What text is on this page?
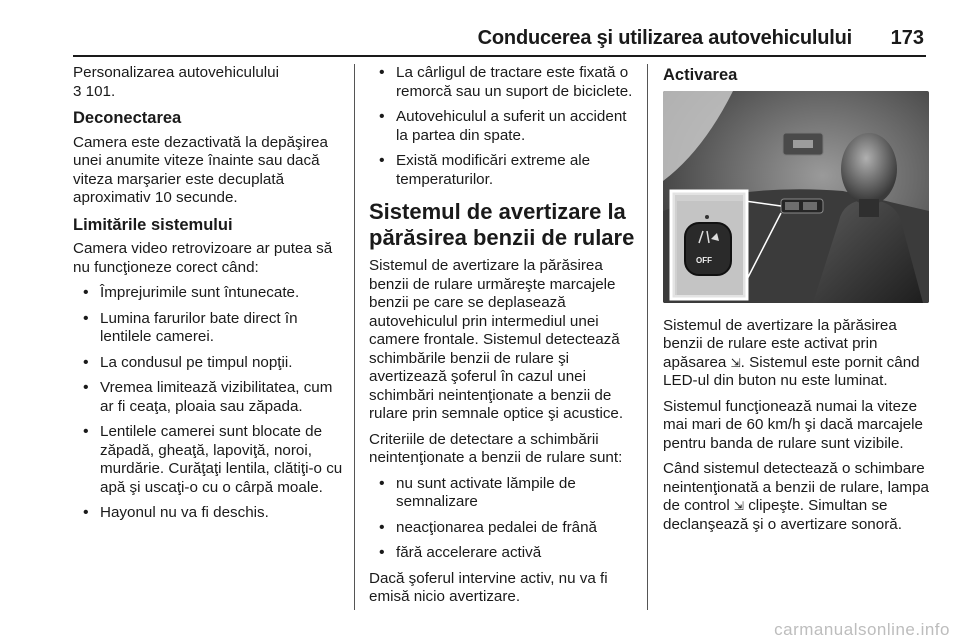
Conducerea şi utilizarea autovehiculului 173

Personalizarea autovehiculului
3 101.

Deconectarea

Camera este dezactivată la depăşirea unei anumite viteze înainte sau dacă viteza marşarier este decuplată aproximativ 10 secunde.

Limitările sistemului

Camera video retrovizoare ar putea să nu funcţioneze corect când:

• Împrejurimile sunt întunecate.
• Lumina farurilor bate direct în lentilele camerei.
• La condusul pe timpul nopţii.
• Vremea limitează vizibilitatea, cum ar fi ceaţa, ploaia sau zăpada.
• Lentilele camerei sunt blocate de zăpadă, gheaţă, lapoviţă, noroi, murdărie. Curăţaţi lentila, clătiţi-o cu apă şi uscaţi-o cu o cârpă moale.
• Hayonul nu va fi deschis.
• La cârligul de tractare este fixată o remorcă sau un suport de biciclete.
• Autovehiculul a suferit un accident la partea din spate.
• Există modificări extreme ale temperaturilor.
Sistemul de avertizare la părăsirea benzii de rulare

Sistemul de avertizare la părăsirea benzii de rulare urmăreşte marcajele benzii pe care se deplasează autovehiculul prin intermediul unei camere frontale. Sistemul detectează schimbările benzii de rulare şi avertizează şoferul în cazul unei schimbări neintenţionate a benzii de rulare prin semnale optice şi acustice.

Criteriile de detectare a schimbării neintenţionate a benzii de rulare sunt:

• nu sunt activate lămpile de semnalizare
• neacţionarea pedalei de frână
• fără accelerare activă

Dacă şoferul intervine activ, nu va fi emisă nicio avertizare.

Activarea
OFF

Sistemul de avertizare la părăsirea benzii de rulare este activat prin apăsarea ⇲. Sistemul este pornit când LED-ul din buton nu este luminat.

Sistemul funcţionează numai la viteze mai mari de 60 km/h şi dacă marcajele pentru banda de rulare sunt vizibile.

Când sistemul detectează o schimbare neintenţionată a benzii de rulare, lampa de control ⇲ clipeşte. Simultan se declanşează şi o avertizare sonoră.

carmanualsonline.info
